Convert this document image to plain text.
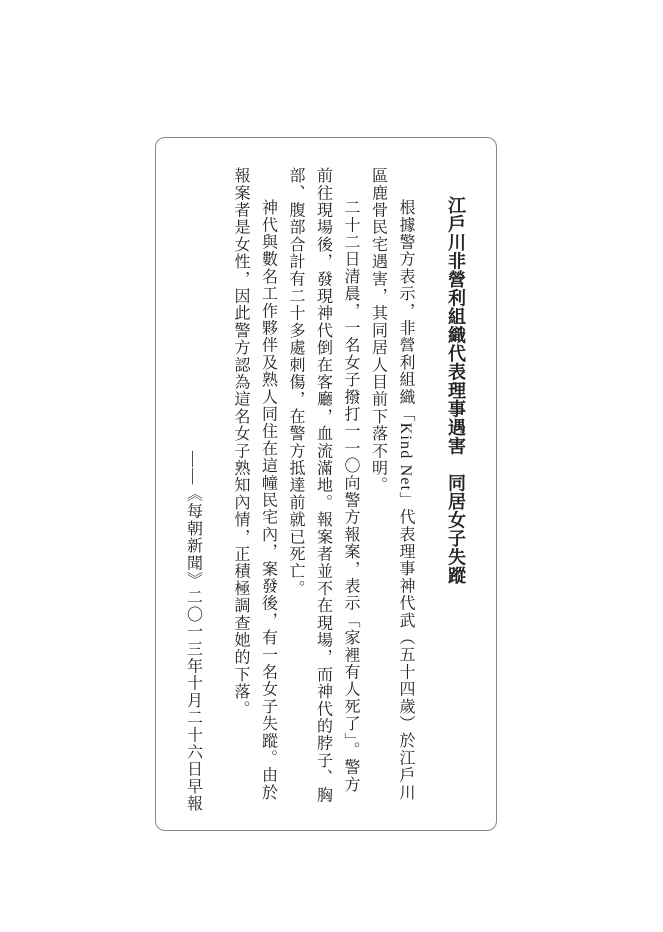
江戶川非營利組織代表理事遇害　同居女子失蹤
根據警方表示，非營利組織「Kind Net」代表理事神代武（五十四歲）於江戶川
區鹿骨民宅遇害，其同居人目前下落不明。
二十二日清晨，一名女子撥打一一〇向警方報案，表示「家裡有人死了」。警方
前往現場後，發現神代倒在客廳，血流滿地。報案者並不在現場，而神代的脖子、胸
部、腹部合計有二十多處刺傷，在警方抵達前就已死亡。
神代與數名工作夥伴及熟人同住在這幢民宅內，案發後，有一名女子失蹤。由於
報案者是女性，因此警方認為這名女子熟知內情，正積極調查她的下落。
——《每朝新聞》二〇一三年十月二十六日早報
